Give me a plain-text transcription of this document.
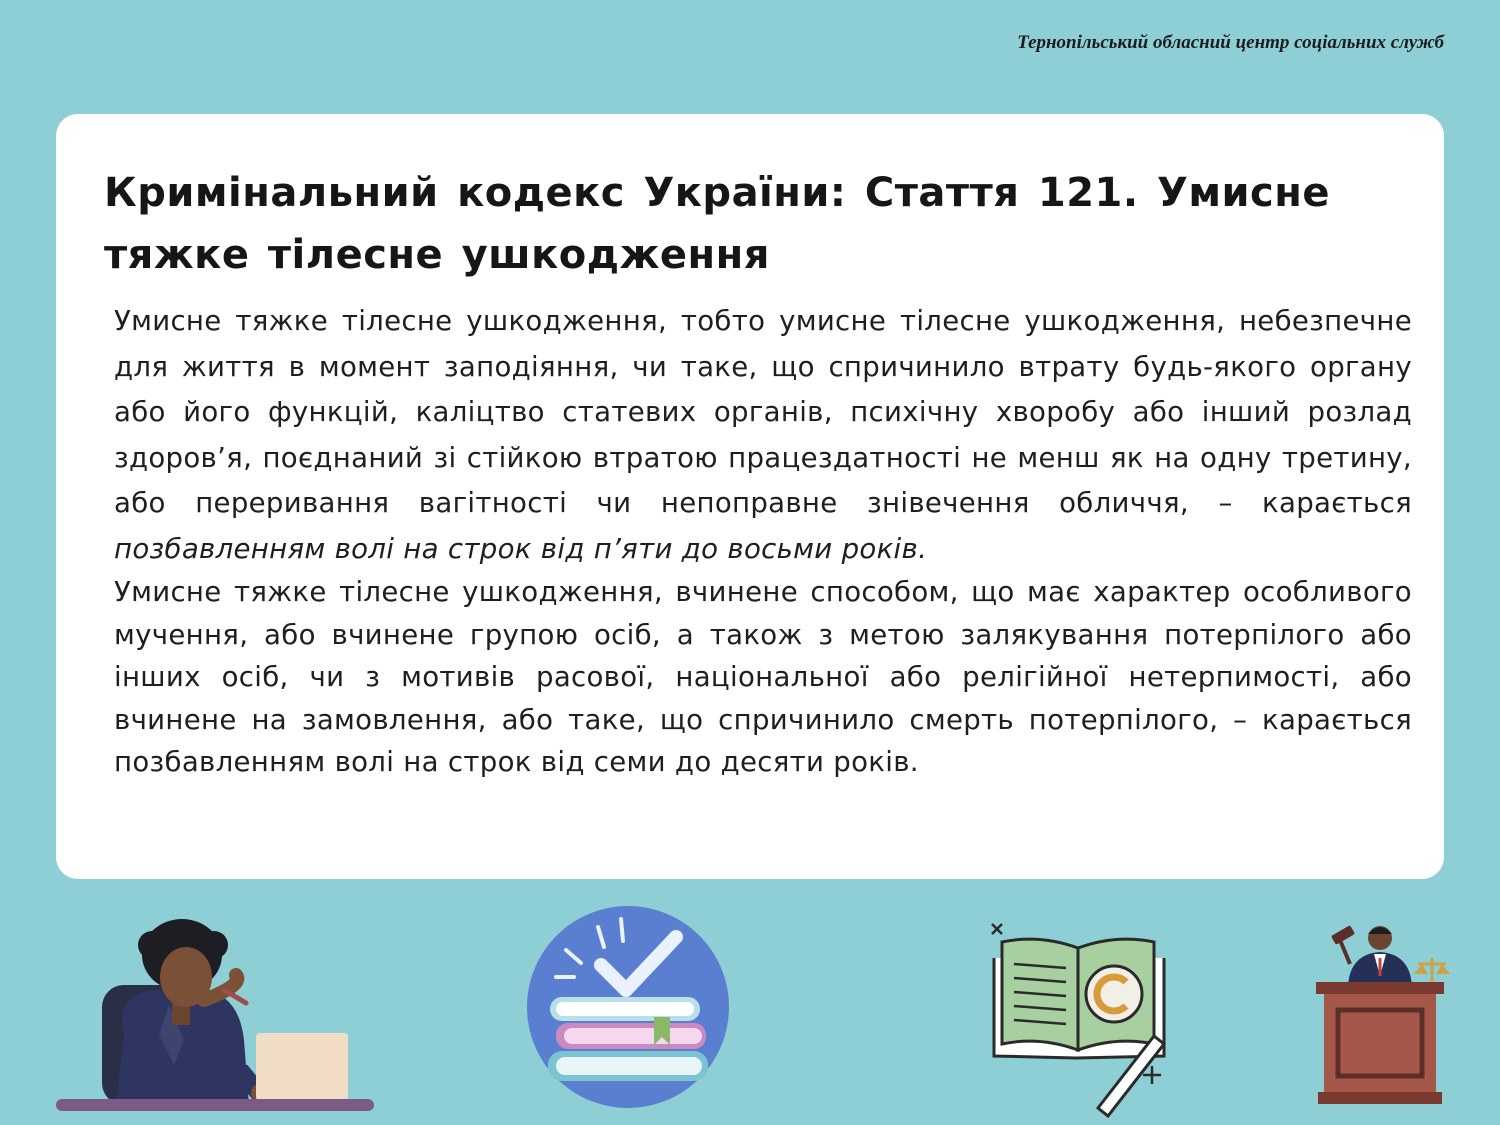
Тернопільський обласний центр соціальних служб
Кримінальний кодекс України: Стаття 121. Умисне тяжке тілесне ушкодження

Умисне тяжке тілесне ушкодження, тобто умисне тілесне ушкодження, небезпечне для життя в момент заподіяння, чи таке, що спричинило втрату будь-якого органу або його функцій, каліцтво статевих органів, психічну хворобу або інший розлад здоров’я, поєднаний зі стійкою втратою працездатності не менш як на одну третину, або переривання вагітності чи непоправне знівечення обличчя, – карається позбавленням волі на строк від п’яти до восьми років.

Умисне тяжке тілесне ушкодження, вчинене способом, що має характер особливого мучення, або вчинене групою осіб, а також з метою залякування потерпілого або інших осіб, чи з мотивів расової, національної або релігійної нетерпимості, або вчинене на замовлення, або таке, що спричинило смерть потерпілого, – карається позбавленням волі на строк від семи до десяти років.
